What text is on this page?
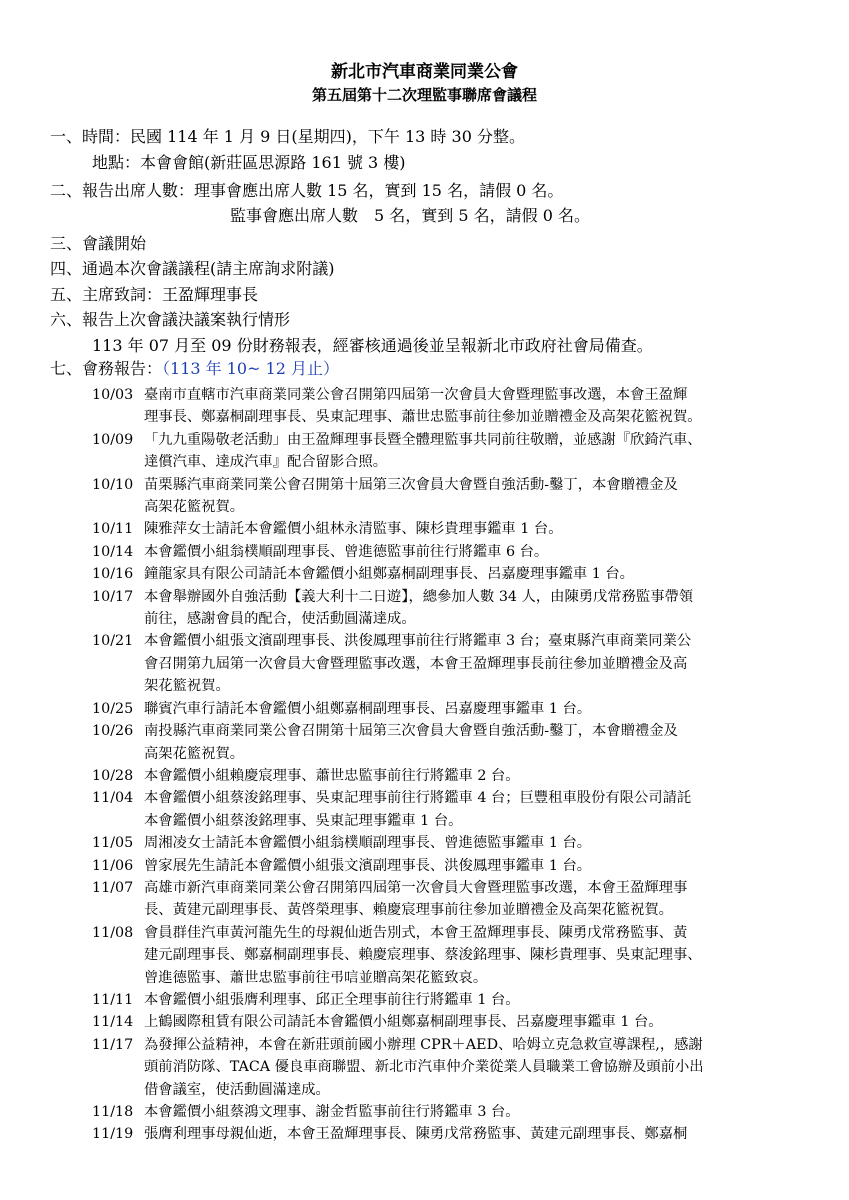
新北市汽車商業同業公會
第五屆第十二次理監事聯席會議程
一、時間：民國 114 年 1 月 9 日(星期四)，下午 13 時 30 分整。
地點：本會會館(新莊區思源路 161 號 3 樓)
二、報告出席人數：理事會應出席人數 15 名，實到 15 名，請假 0 名。
監事會應出席人數　5 名，實到 5 名，請假 0 名。
三、會議開始
四、通過本次會議議程(請主席詢求附議)
五、主席致詞：王盈輝理事長
六、報告上次會議決議案執行情形
113 年 07 月至 09 份財務報表，經審核通過後並呈報新北市政府社會局備查。
七、會務報告：（113 年 10~ 12 月止）
10/03 臺南市直轄市汽車商業同業公會召開第四屆第一次會員大會暨理監事改選，本會王盈輝
理事長、鄭嘉桐副理事長、吳東記理事、蕭世忠監事前往參加並贈禮金及高架花籃祝賀。
10/09 「九九重陽敬老活動」由王盈輝理事長暨全體理監事共同前往敬贈，並感謝『欣錡汽車、
達償汽車、達成汽車』配合留影合照。
10/10 苗栗縣汽車商業同業公會召開第十屆第三次會員大會暨自強活動-鑿丁，本會贈禮金及
高架花籃祝賀。
10/11 陳雅萍女士請託本會鑑價小組林永清監事、陳杉貴理事鑑車 1 台。
10/14 本會鑑價小組翁樸順副理事長、曾進德監事前往行將鑑車 6 台。
10/16 鐘龍家具有限公司請託本會鑑價小組鄭嘉桐副理事長、呂嘉慶理事鑑車 1 台。
10/17 本會舉辦國外自強活動【義大利十二日遊】，總參加人數 34 人，由陳勇戊常務監事帶領
前往，感謝會員的配合，使活動圓滿達成。
10/21 本會鑑價小組張文濱副理事長、洪俊鳳理事前往行將鑑車 3 台；臺東縣汽車商業同業公
會召開第九屆第一次會員大會暨理監事改選，本會王盈輝理事長前往參加並贈禮金及高
架花籃祝賀。
10/25 聯賓汽車行請託本會鑑價小組鄭嘉桐副理事長、呂嘉慶理事鑑車 1 台。
10/26 南投縣汽車商業同業公會召開第十屆第三次會員大會暨自強活動-鑿丁，本會贈禮金及
高架花籃祝賀。
10/28 本會鑑價小組賴慶宸理事、蕭世忠監事前往行將鑑車 2 台。
11/04 本會鑑價小組蔡浚銘理事、吳東記理事前往行將鑑車 4 台；巨豐租車股份有限公司請託
本會鑑價小組蔡浚銘理事、吳東記理事鑑車 1 台。
11/05 周湘凌女士請託本會鑑價小組翁樸順副理事長、曾進德監事鑑車 1 台。
11/06 曾家展先生請託本會鑑價小組張文濱副理事長、洪俊鳳理事鑑車 1 台。
11/07 高雄市新汽車商業同業公會召開第四屆第一次會員大會暨理監事改選，本會王盈輝理事
長、黃建元副理事長、黃啓榮理事、賴慶宸理事前往參加並贈禮金及高架花籃祝賀。
11/08 會員群佳汽車黃河龍先生的母親仙逝告別式，本會王盈輝理事長、陳勇戊常務監事、黃
建元副理事長、鄭嘉桐副理事長、賴慶宸理事、蔡浚銘理事、陳杉貴理事、吳東記理事、
曾進德監事、蕭世忠監事前往弔唁並贈高架花籃致哀。
11/11 本會鑑價小組張膺利理事、邱正全理事前往行將鑑車 1 台。
11/14 上鶴國際租賃有限公司請託本會鑑價小組鄭嘉桐副理事長、呂嘉慶理事鑑車 1 台。
11/17 為發揮公益精神，本會在新莊頭前國小辦理 CPR＋AED、哈姆立克急救宣導課程,，感謝
頭前消防隊、TACA 優良車商聯盟、新北市汽車仲介業從業人員職業工會協辦及頭前小出
借會議室，使活動圓滿達成。
11/18 本會鑑價小組蔡鴻文理事、謝金哲監事前往行將鑑車 3 台。
11/19 張膺利理事母親仙逝，本會王盈輝理事長、陳勇戊常務監事、黃建元副理事長、鄭嘉桐
